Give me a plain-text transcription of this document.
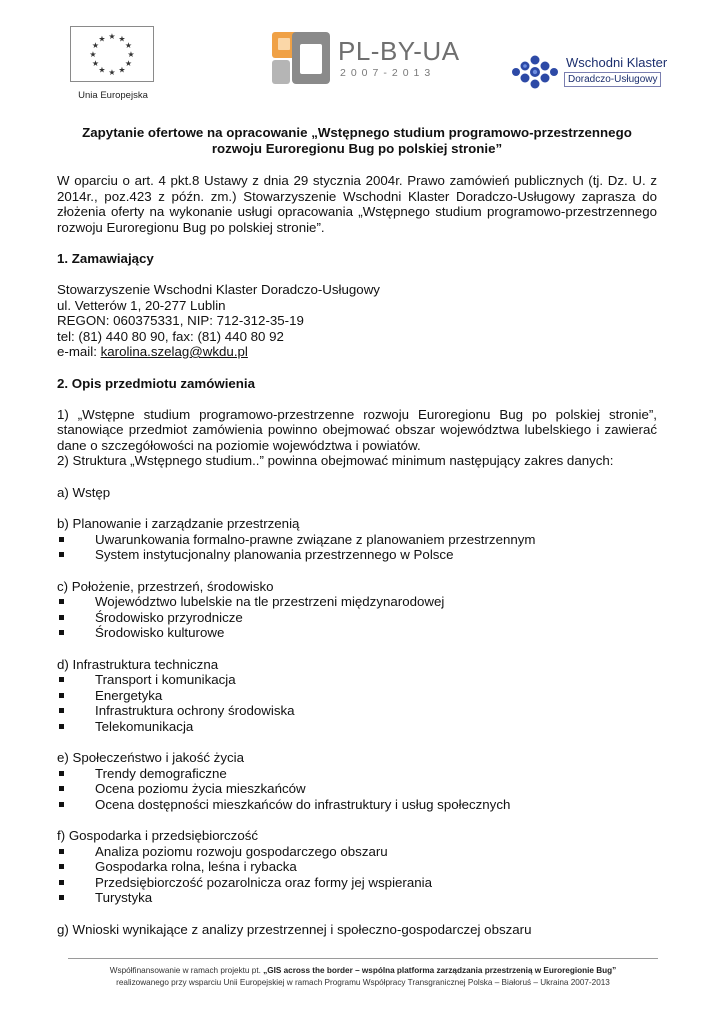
★ ★
★
★
★
★
★
★
★
★
★
★
Unia Europejska
PL-BY-UA
2007-2013
Wschodni Klaster
Doradczo-Usługowy
Zapytanie ofertowe na opracowanie „Wstępnego studium programowo-przestrzennego
rozwoju Euroregionu Bug po polskiej stronie”

W oparciu o art. 4 pkt.8 Ustawy z dnia 29 stycznia 2004r. Prawo zamówień publicznych (tj. Dz. U. z 2014r., poz.423 z późn. zm.) Stowarzyszenie Wschodni Klaster Doradczo-Usługowy zaprasza do złożenia oferty na wykonanie usługi opracowania „Wstępnego studium programowo-przestrzennego rozwoju Euroregionu Bug po polskiej stronie”.

1. Zamawiający
Stowarzyszenie Wschodni Klaster Doradczo-Usługowy
ul. Vetterów 1, 20-277 Lublin
REGON: 060375331, NIP: 712-312-35-19
tel: (81) 440 80 90, fax: (81) 440 80 92
e-mail: karolina.szelag@wkdu.pl
2. Opis przedmiotu zamówienia

1) „Wstępne studium programowo-przestrzenne rozwoju Euroregionu Bug po polskiej stronie”, stanowiące przedmiot zamówienia powinno obejmować obszar województwa lubelskiego i zawierać dane o szczegółowości na poziomie województwa i powiatów.

2) Struktura „Wstępnego studium..” powinna obejmować minimum następujący zakres danych:

a) Wstęp
b) Planowanie i zarządzanie przestrzenią
Uwarunkowania formalno-prawne związane z planowaniem przestrzennym
System instytucjonalny planowania przestrzennego w Polsce
c) Położenie, przestrzeń, środowisko
Województwo lubelskie na tle przestrzeni międzynarodowej
Środowisko przyrodnicze
Środowisko kulturowe
d) Infrastruktura techniczna
Transport i komunikacja
Energetyka
Infrastruktura ochrony środowiska
Telekomunikacja
e) Społeczeństwo i jakość życia
Trendy demograficzne
Ocena poziomu życia mieszkańców
Ocena dostępności mieszkańców do infrastruktury i usług społecznych
f) Gospodarka i przedsiębiorczość
Analiza poziomu rozwoju gospodarczego obszaru
Gospodarka rolna, leśna i rybacka
Przedsiębiorczość pozarolnicza oraz formy jej wspierania
Turystyka
g) Wnioski wynikające z analizy przestrzennej i społeczno-gospodarczej obszaru
Współfinansowanie w ramach projektu pt. „GIS across the border – wspólna platforma zarządzania przestrzenią w Euroregionie Bug”
realizowanego przy wsparciu Unii Europejskiej w ramach Programu Współpracy Transgranicznej Polska – Białoruś – Ukraina 2007-2013
